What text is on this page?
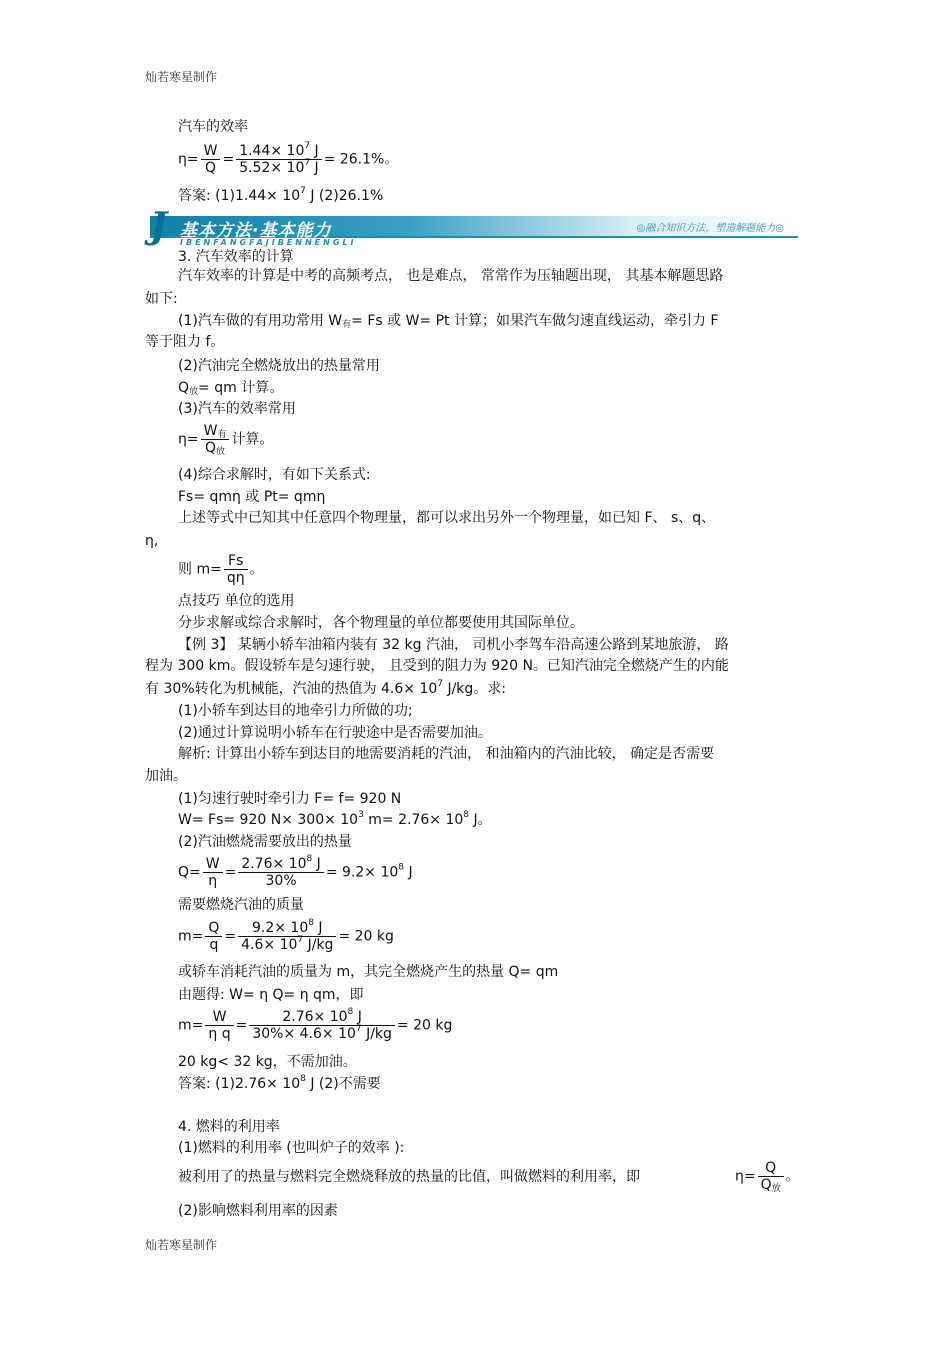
灿若寒星制作
汽车的效率
$\eta= \frac{W}{Q} = \frac{1.44\times 10^7 J}{5.52\times 10^7 J} = 26.1\%$。
答案: $(1)1.44\times 10^7$ J (2)26.1%
J 基本方法·基本能力
IBENFANGFAJIBENNENGLI
◎融合知识方法，塑造解题能力◎
3. 汽车效率的计算
汽车效率的计算是中考的高频考点， 也是难点， 常常作为压轴题出现， 其基本解题思路
如下:
(1)汽车做的有用功常用 $W_有= Fs$ 或 W= Pt 计算；如果汽车做匀速直线运动，牵引力 F
等于阻力 f。
(2)汽油完全燃烧放出的热量常用
$Q_放=$ qm 计算。
(3)汽车的效率常用
$\eta= \frac{W_有}{Q_放}$ 计算。
(4)综合求解时，有如下关系式:
Fs= qmη 或 Pt= qmη
上述等式中已知其中任意四个物理量，都可以求出另外一个物理量，如已知 F、 s、q、
η,
则 $m= \frac{Fs}{q\eta}$ 。
点技巧 单位的选用
分步求解或综合求解时，各个物理量的单位都要使用其国际单位。
【例 3】 某辆小轿车油箱内装有 32 kg 汽油， 司机小李驾车沿高速公路到某地旅游， 路
程为 300 km。假设轿车是匀速行驶， 且受到的阻力为 920 N。已知汽油完全燃烧产生的内能
有 30%转化为机械能，汽油的热值为 $4.6\times 10^7$ J/kg。求:
(1)小轿车到达目的地牵引力所做的功;
(2)通过计算说明小轿车在行驶途中是否需要加油。
解析: 计算出小轿车到达目的地需要消耗的汽油， 和油箱内的汽油比较， 确定是否需要
加油。
(1)匀速行驶时牵引力 F= f= 920 N
W= Fs= 920 $N\times 300\times 10^3$ $m= 2.76\times 10^8$ J。
(2)汽油燃烧需要放出的热量
$Q= \frac{W}{\eta} = \frac{2.76\times 10^8 J}{30\%} = 9.2\times 10^8$ J
需要燃烧汽油的质量
$m= \frac{Q}{q} = \frac{9.2\times 10^8 J}{4.6\times 10^7 J/kg} = 20$ kg
或轿车消耗汽油的质量为 m，其完全燃烧产生的热量 Q= qm
由题得: W= η Q= η qm，即
$m= \frac{W}{\text{η q}} = \frac{2.76\times 10^8 J}{30\%\times 4.6\times 10^7 J/kg} = 20$ kg
20 kg< 32 kg，不需加油。
答案: $(1)2.76\times 10^8$ J (2)不需要
4. 燃料的利用率
(1)燃料的利用率 (也叫炉子的效率 ):
被利用了的热量与燃料完全燃烧释放的热量的比值，叫做燃料的利用率，即	$\eta= \frac{Q}{Q_放}$ 。
(2)影响燃料利用率的因素
灿若寒星制作
